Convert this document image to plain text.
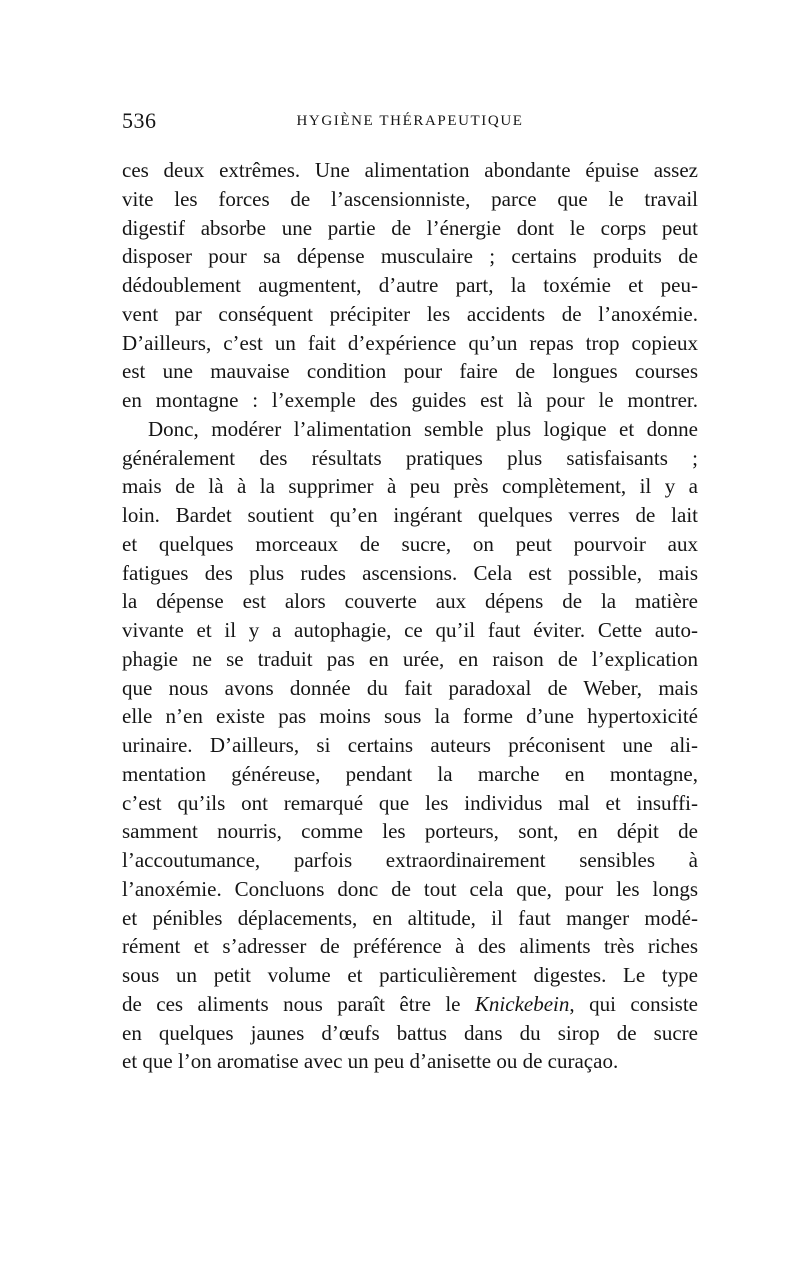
536	HYGIÈNE THÉRAPEUTIQUE
ces deux extrêmes. Une alimentation abondante épuise assez
vite les forces de l’ascensionniste, parce que le travail
digestif absorbe une partie de l’énergie dont le corps peut
disposer pour sa dépense musculaire ; certains produits de
dédoublement augmentent, d’autre part, la toxémie et peu-
vent par conséquent précipiter les accidents de l’anoxémie.
D’ailleurs, c’est un fait d’expérience qu’un repas trop copieux
est une mauvaise condition pour faire de longues courses
en montagne : l’exemple des guides est là pour le montrer.
Donc, modérer l’alimentation semble plus logique et donne
généralement des résultats pratiques plus satisfaisants ;
mais de là à la supprimer à peu près complètement, il y a
loin. Bardet soutient qu’en ingérant quelques verres de lait
et quelques morceaux de sucre, on peut pourvoir aux
fatigues des plus rudes ascensions. Cela est possible, mais
la dépense est alors couverte aux dépens de la matière
vivante et il y a autophagie, ce qu’il faut éviter. Cette auto-
phagie ne se traduit pas en urée, en raison de l’explication
que nous avons donnée du fait paradoxal de Weber, mais
elle n’en existe pas moins sous la forme d’une hypertoxicité
urinaire. D’ailleurs, si certains auteurs préconisent une ali-
mentation généreuse, pendant la marche en montagne,
c’est qu’ils ont remarqué que les individus mal et insuffi-
samment nourris, comme les porteurs, sont, en dépit de
l’accoutumance, parfois extraordinairement sensibles à
l’anoxémie. Concluons donc de tout cela que, pour les longs
et pénibles déplacements, en altitude, il faut manger modé-
rément et s’adresser de préférence à des aliments très riches
sous un petit volume et particulièrement digestes. Le type
de ces aliments nous paraît être le Knickebein, qui consiste
en quelques jaunes d’œufs battus dans du sirop de sucre
et que l’on aromatise avec un peu d’anisette ou de curaçao.
